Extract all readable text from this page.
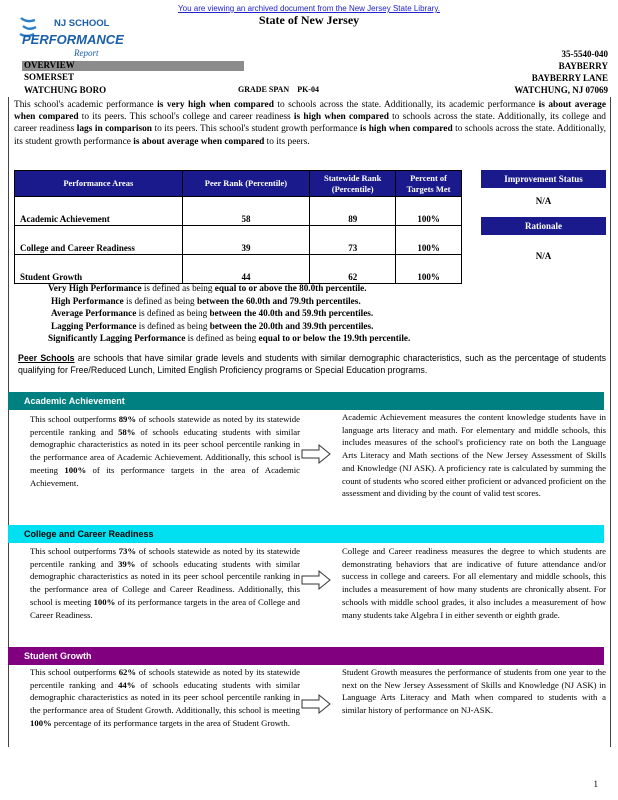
You are viewing an archived document from the New Jersey State Library.
NJ SCHOOL
PERFORMANCE
Report
State of New Jersey
35-5540-040
BAYBERRY
BAYBERRY LANE
WATCHUNG, NJ 07069
OVERVIEW
SOMERSET
WATCHUNG BORO	GRADE SPAN PK-04
This school's academic performance is very high when compared to schools across the state. Additionally, its academic performance is about average when compared to its peers. This school's college and career readiness is high when compared to schools across the state. Additionally, its college and career readiness lags in comparison to its peers. This school's student growth performance is high when compared to schools across the state. Additionally, its student growth performance is about average when compared to its peers.
Performance Areas	Peer Rank (Percentile)	Statewide Rank (Percentile)	Percent of Targets Met
Academic Achievement	58	89	100%
College and Career Readiness	39	73	100%
Student Growth	44	62	100%
Improvement Status
N/A
Rationale
N/A
Very High Performance is defined as being equal to or above the 80.0th percentile.
High Performance is defined as being between the 60.0th and 79.9th percentiles.
Average Performance is defined as being between the 40.0th and 59.9th percentiles.
Lagging Performance is defined as being between the 20.0th and 39.9th percentiles.
Significantly Lagging Performance is defined as being equal to or below the 19.9th percentile.
Peer Schools are schools that have similar grade levels and students with similar demographic characteristics, such as the percentage of students qualifying for Free/Reduced Lunch, Limited English Proficiency programs or Special Education programs.
Academic Achievement
This school outperforms 89% of schools statewide as noted by its statewide percentile ranking and 58% of schools educating students with similar demographic characteristics as noted in its peer school percentile ranking in the performance area of Academic Achievement. Additionally, this school is meeting 100% of its performance targets in the area of Academic Achievement.
Academic Achievement measures the content knowledge students have in language arts literacy and math. For elementary and middle schools, this includes measures of the school's proficiency rate on both the Language Arts Literacy and Math sections of the New Jersey Assessment of Skills and Knowledge (NJ ASK). A proficiency rate is calculated by summing the count of students who scored either proficient or advanced proficient on the assessment and dividing by the count of valid test scores.
College and Career Readiness
This school outperforms 73% of schools statewide as noted by its statewide percentile ranking and 39% of schools educating students with similar demographic characteristics as noted in its peer school percentile ranking in the performance area of College and Career Readiness. Additionally, this school is meeting 100% of its performance targets in the area of College and Career Readiness.
College and Career readiness measures the degree to which students are demonstrating behaviors that are indicative of future attendance and/or success in college and careers. For all elementary and middle schools, this includes a measurement of how many students are chronically absent. For schools with middle school grades, it also includes a measurement of how many students take Algebra I in either seventh or eighth grade.
Student Growth
This school outperforms 62% of schools statewide as noted by its statewide percentile ranking and 44% of schools educating students with similar demographic characteristics as noted in its peer school percentile ranking in the performance area of Student Growth. Additionally, this school is meeting 100% percentage of its performance targets in the area of Student Growth.
Student Growth measures the performance of students from one year to the next on the New Jersey Assessment of Skills and Knowledge (NJ ASK) in Language Arts Literacy and Math when compared to students with a similar history of performance on NJ-ASK.
1
